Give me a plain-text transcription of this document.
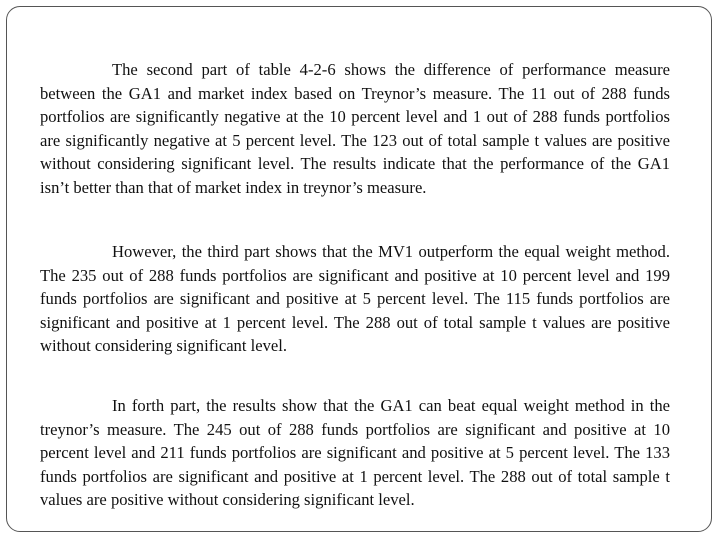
The second part of table 4-2-6 shows the difference of performance measure between the GA1 and market index based on Treynor’s measure. The 11 out of 288 funds portfolios are significantly negative at the 10 percent level and 1 out of 288 funds portfolios are significantly negative at 5 percent level. The 123 out of total sample t values are positive without considering significant level. The results indicate that the performance of the GA1 isn’t better than that of market index in treynor’s measure.

However, the third part shows that the MV1 outperform the equal weight method. The 235 out of 288 funds portfolios are significant and positive at 10 percent level and 199 funds portfolios are significant and positive at 5 percent level. The 115 funds portfolios are significant and positive at 1 percent level. The 288 out of total sample t values are positive without considering significant level.

In forth part, the results show that the GA1 can beat equal weight method in the treynor’s measure. The 245 out of 288 funds portfolios are significant and positive at 10 percent level and 211 funds portfolios are significant and positive at 5 percent level. The 133 funds portfolios are significant and positive at 1 percent level. The 288 out of total sample t values are positive without considering significant level.
